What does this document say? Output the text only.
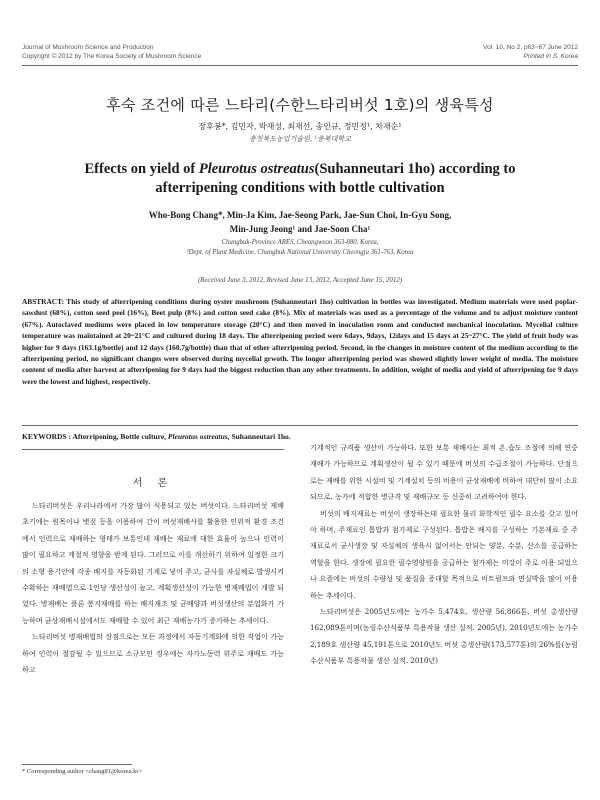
Journal of Mushroom Science and Production
Copyright © 2012 by The Korea Society of Mushroom Science
Vol. 10, No 2, p63~67 June 2012
Printed in S. Korea
후숙 조건에 따른 느타리(수한느타리버섯 1호)의 생육특성
장후봉*, 김민자, 박재성, 최재선, 송인규, 정민정¹, 차재순¹
충청북도농업기술원, ¹충북대학교
Effects on yield of Pleurotus ostreatus(Suhanneutari 1ho) according to afterripening conditions with bottle cultivation
Who-Bong Chang*, Min-Ja Kim, Jae-Seong Park, Jae-Sun Choi, In-Gyu Song,
Min-Jung Jeong¹ and Jae-Soon Cha¹
Chungbuk-Province ARES, Cheongweon 363-880, Korea,
¹Dept. of Plant Medicine, Chungbuk National University Cheongju 361-763, Korea
(Received June 3, 2012, Revised June 13, 2012, Accepted June 15, 2012)
ABSTRACT: This study of afterripening conditions during oyster mushroom (Suhanneutari 1ho) cultivation in bottles was investigated. Medium materials were used poplar-sawdust (68%), cotton seed peel (16%), Beet pulp (8%) and cotton seed cake (8%). Mix of materials was used as a percentage of the volume and to adjust moisture content (67%). Autoclaved mediums were placed in low temperature storage (20°C) and then moved in inoculation room and conducted mechanical inoculation. Mycelial culture temperature was maintained at 20~21°C and cultured during 18 days. The afterripening period were 6days, 9days, 12days and 15 days at 25~27°C. The yield of fruit body was higher for 9 days (163.1g/bottle) and 12 days (160.7g/bottle) than that of other afterripening period. Second, in the changes in moisture content of the medium according to the afterripening period, no significant changes were observed during mycelial grwoth. The longer afterripening period was showed slightly lower weight of media. The moisture content of media after harvest at afterripening for 9 days had the biggest reduction than any other treatments. In addition, weight of media and yield of afterripening for 9 days were the lowest and highest, respectively.
KEYWORDS : Afterripening, Bottle culture, Pleurotus ostreatus, Suhanneutari 1ho.
서 론

느타리버섯은 우리나라에서 가장 많이 식용되고 있는 버섯이다. 느타리버섯 재배 초기에는 원목이나 볏짚 등을 이용하여 간이 버섯재배사를 활용한 인위적 환경 조건에서 인력으로 재배하는 형태가 보통인데 재배는 재료에 대한 효율이 높으나 인력이 많이 필요하고 계절적 영향을 받게 된다. 그러므로 이를 개선하기 위하여 일정한 크기의 소형 용기안에 각종 배지를 자동화된 기계로 넣어 주고, 균사를 자실체로 발생시켜 수확하는 재배법으로 1인당 생산성이 높고, 계획생산성이 가능한 병재배법이 개발 되었다. 병재배는 플론 봉지재배를 하는 배지재조 및 균배양과 버섯생산의 분업화가 가능하며 균상재배시설에서도 재배할 수 있어 최근 재배농가가 증가하는 추세이다.

느타리버섯 병재배법의 장점으로는 모든 과정에서 자동기계화에 의한 작업이 가능하여 인력이 절감될 수 있으므로 소규모인 경우에는 자가노동력 위주로 재배도 가능하고

기계적인 규격품 생산이 가능하다. 또한 보통 재배사는 최적 온.습도 조절에 의해 연중 재배가 가능하므로 계획생산이 될 수 있기 때문에 버섯의 수급조절이 가능하다. 단점으로는 재배를 위한 시설비 및 기계설치 등의 비용이 균상재배에 비하여 대단히 많이 소요 되므로, 농가에 적합한 병규격 및 재배규모 등 신중히 고려하여야 한다.

버섯의 배지재료는 버섯이 생장하는데 필요한 물리 화학적인 필수 요소를 갖고 있어야 하며, 주재료인 톱밥과 첨가제로 구성된다. 톱밥은 배지를 구성하는 기본재료 중 주재료로서 균사생장 및 자실체의 생육시 없어서는 안되는 양분, 수분, 산소를 공급하는 역할을 한다. 생장에 필요한 필수영양원을 공급하는 첨가제는 미강이 주로 이용 되었으나 요즘에는 버섯의 수량성 및 품질을 증대할 목적으로 비트펄프와 면실박을 많이 이용하는 추세이다.

느타리버섯은 2005년도에는 농가수 5,474호, 생산량 56,866톤, 버섯 총생산량 162,089톤이며(농림수산식품부 특용작물 생산 실적. 2005년), 2010년도에는 농가수 2,189호 생산량 45,191톤으로 2010년도 버섯 총생산량(173,577톤)의 26%를(농림수산식품부 특용작물 생산 실적. 2010년)

* Corresponding author <chang81@korea.kr>
